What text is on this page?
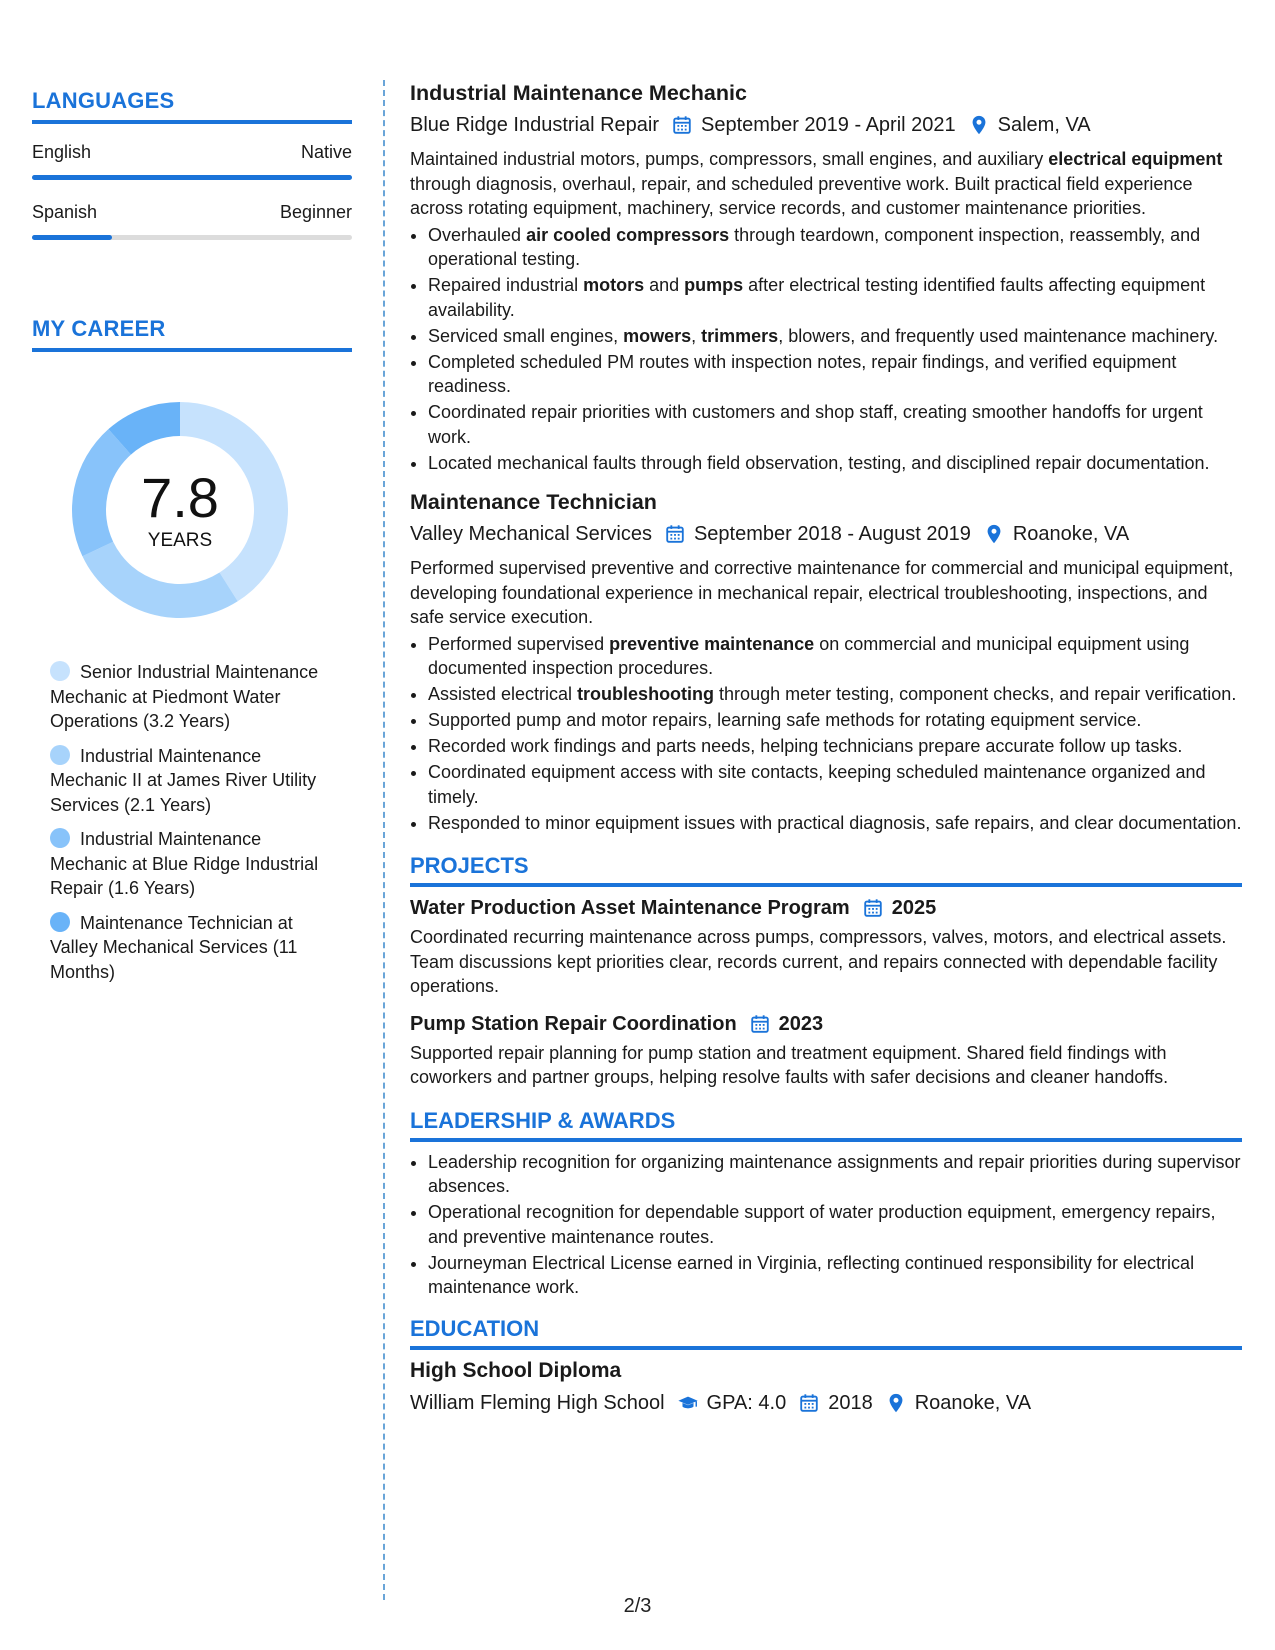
LANGUAGES
English	Native
Spanish	Beginner
MY CAREER
7.8
YEARS
Senior Industrial Maintenance Mechanic at Piedmont Water Operations (3.2 Years)
Industrial Maintenance Mechanic II at James River Utility Services (2.1 Years)
Industrial Maintenance Mechanic at Blue Ridge Industrial Repair (1.6 Years)
Maintenance Technician at Valley Mechanical Services (11 Months)
Industrial Maintenance Mechanic
Blue Ridge Industrial Repair September 2019 - April 2021 Salem, VA

Maintained industrial motors, pumps, compressors, small engines, and auxiliary electrical equipment through diagnosis, overhaul, repair, and scheduled preventive work. Built practical field experience across rotating equipment, machinery, service records, and customer maintenance priorities.

• Overhauled air cooled compressors through teardown, component inspection, reassembly, and operational testing.
• Repaired industrial motors and pumps after electrical testing identified faults affecting equipment availability.
• Serviced small engines, mowers, trimmers, blowers, and frequently used maintenance machinery.
• Completed scheduled PM routes with inspection notes, repair findings, and verified equipment readiness.
• Coordinated repair priorities with customers and shop staff, creating smoother handoffs for urgent work.
• Located mechanical faults through field observation, testing, and disciplined repair documentation.
Maintenance Technician
Valley Mechanical Services September 2018 - August 2019 Roanoke, VA

Performed supervised preventive and corrective maintenance for commercial and municipal equipment, developing foundational experience in mechanical repair, electrical troubleshooting, inspections, and safe service execution.

• Performed supervised preventive maintenance on commercial and municipal equipment using documented inspection procedures.
• Assisted electrical troubleshooting through meter testing, component checks, and repair verification.
• Supported pump and motor repairs, learning safe methods for rotating equipment service.
• Recorded work findings and parts needs, helping technicians prepare accurate follow up tasks.
• Coordinated equipment access with site contacts, keeping scheduled maintenance organized and timely.
• Responded to minor equipment issues with practical diagnosis, safe repairs, and clear documentation.
PROJECTS
Water Production Asset Maintenance Program 2025

Coordinated recurring maintenance across pumps, compressors, valves, motors, and electrical assets. Team discussions kept priorities clear, records current, and repairs connected with dependable facility operations.

Pump Station Repair Coordination 2023

Supported repair planning for pump station and treatment equipment. Shared field findings with coworkers and partner groups, helping resolve faults with safer decisions and cleaner handoffs.

LEADERSHIP & AWARDS
• Leadership recognition for organizing maintenance assignments and repair priorities during supervisor absences.
• Operational recognition for dependable support of water production equipment, emergency repairs, and preventive maintenance routes.
• Journeyman Electrical License earned in Virginia, reflecting continued responsibility for electrical maintenance work.
EDUCATION
High School Diploma
William Fleming High School GPA: 4.0 2018 Roanoke, VA
2/3
